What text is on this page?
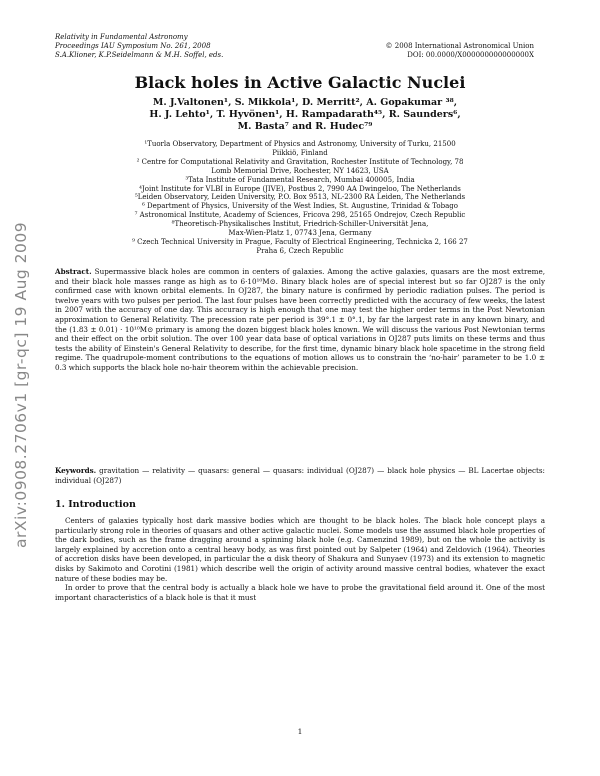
Relativity in Fundamental Astronomy
Proceedings IAU Symposium No. 261, 2008
S.A.Klioner, K.P.Seidelmann & M.H. Soffel, eds.
© 2008 International Astronomical Union
DOI: 00.0000/X000000000000000X
arXiv:0908.2706v1 [gr-qc] 19 Aug 2009
Black holes in Active Galactic Nuclei
M. J.Valtonen¹, S. Mikkola¹, D. Merritt², A. Gopakumar ³⁸,
H. J. Lehto¹, T. Hyvönen¹, H. Rampadarath⁴⁵, R. Saunders⁶,
M. Basta⁷ and R. Hudec⁷⁹
¹Tuorla Observatory, Department of Physics and Astronomy, University of Turku, 21500
Piikkiö, Finland
² Centre for Computational Relativity and Gravitation, Rochester Institute of Technology, 78
Lomb Memorial Drive, Rochester, NY 14623, USA
³Tata Institute of Fundamental Research, Mumbai 400005, India
⁴Joint Institute for VLBI in Europe (JIVE), Postbus 2, 7990 AA Dwingeloo, The Netherlands
⁵Leiden Observatory, Leiden University, P.O. Box 9513, NL-2300 RA Leiden, The Netherlands
⁶ Department of Physics, University of the West Indies, St. Augustine, Trinidad & Tobago
⁷ Astronomical Institute, Academy of Sciences, Fricova 298, 25165 Ondrejov, Czech Republic
⁸Theoretisch-Physikalisches Institut, Friedrich-Schiller-Universität Jena,
Max-Wien-Platz 1, 07743 Jena, Germany
⁹ Czech Technical University in Prague, Faculty of Electrical Engineering, Technicka 2, 166 27
Praha 6, Czech Republic
Abstract. Supermassive black holes are common in centers of galaxies. Among the active galaxies, quasars are the most extreme, and their black hole masses range as high as to 6·10¹⁰M⊙. Binary black holes are of special interest but so far OJ287 is the only confirmed case with known orbital elements. In OJ287, the binary nature is confirmed by periodic radiation pulses. The period is twelve years with two pulses per period. The last four pulses have been correctly predicted with the accuracy of few weeks, the latest in 2007 with the accuracy of one day. This accuracy is high enough that one may test the higher order terms in the Post Newtonian approximation to General Relativity. The precession rate per period is 39°.1 ± 0°.1, by far the largest rate in any known binary, and the (1.83 ± 0.01) · 10¹⁰M⊙ primary is among the dozen biggest black holes known. We will discuss the various Post Newtonian terms and their effect on the orbit solution. The over 100 year data base of optical variations in OJ287 puts limits on these terms and thus tests the ability of Einstein's General Relativity to describe, for the first time, dynamic binary black hole spacetime in the strong field regime. The quadrupole-moment contributions to the equations of motion allows us to constrain the ‘no-hair’ parameter to be 1.0 ± 0.3 which supports the black hole no-hair theorem within the achievable precision.
Keywords. gravitation — relativity — quasars: general — quasars: individual (OJ287) — black hole physics — BL Lacertae objects: individual (OJ287)
1. Introduction

Centers of galaxies typically host dark massive bodies which are thought to be black holes. The black hole concept plays a particularly strong role in theories of quasars and other active galactic nuclei. Some models use the assumed black hole properties of the dark bodies, such as the frame dragging around a spinning black hole (e.g. Camenzind 1989), but on the whole the activity is largely explained by accretion onto a central heavy body, as was first pointed out by Salpeter (1964) and Zeldovich (1964). Theories of accretion disks have been developed, in particular the α disk theory of Shakura and Sunyaev (1973) and its extension to magnetic disks by Sakimoto and Corotini (1981) which describe well the origin of activity around massive central bodies, whatever the exact nature of these bodies may be.

In order to prove that the central body is actually a black hole we have to probe the gravitational field around it. One of the most important characteristics of a black hole is that it must

1
